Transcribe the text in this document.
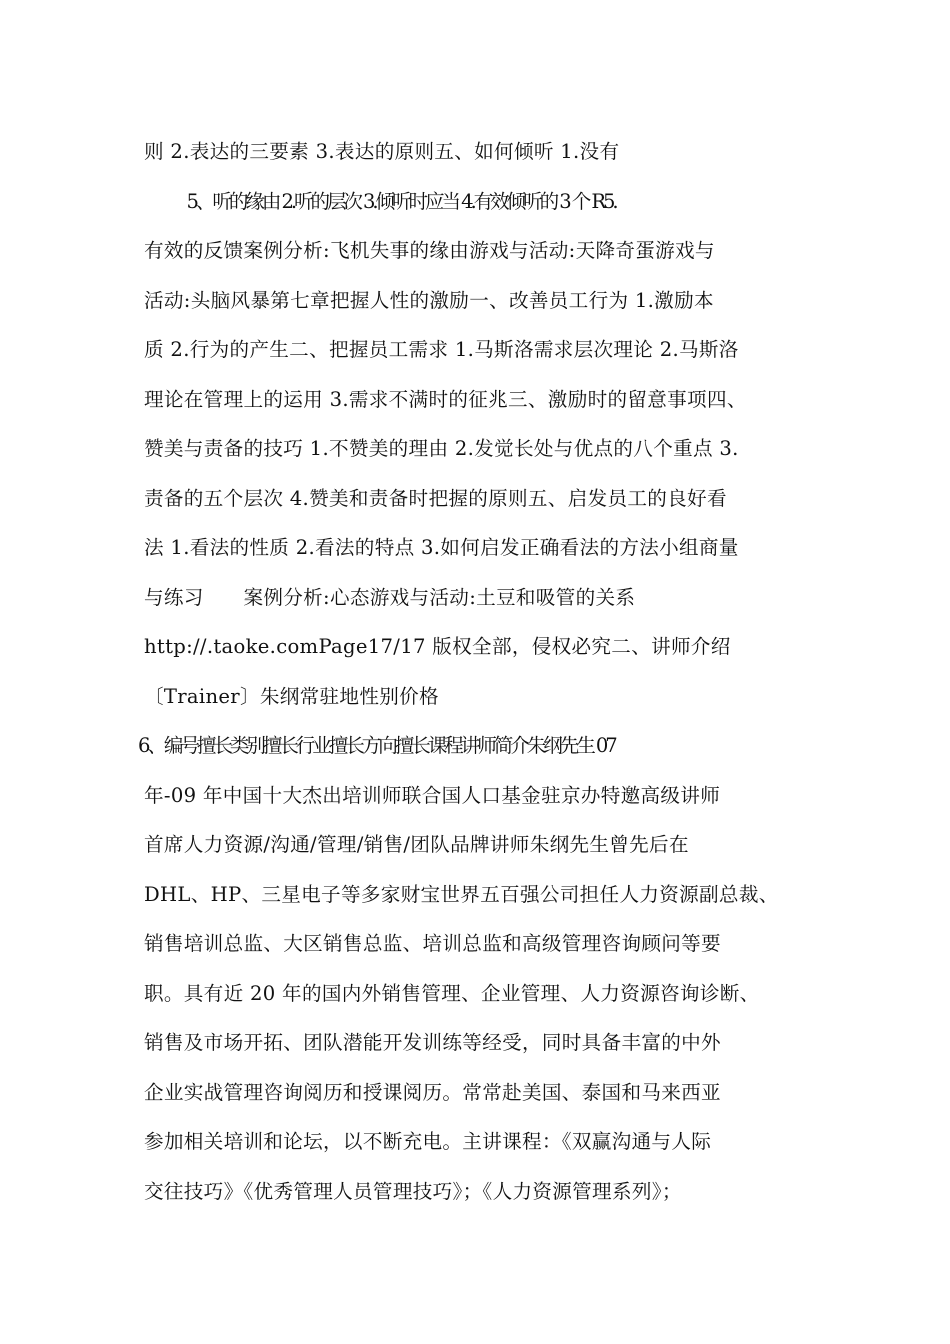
则 2.表达的三要素 3.表达的原则五、如何倾听 1.没有
　5、听的缘由 2.听的层次 3.倾听时应当 4.有效倾听的 3 个 R5.
有效的反馈案例分析:飞机失事的缘由游戏与活动:天降奇蛋游戏与
活动:头脑风暴第七章把握人性的激励一、改善员工行为 1.激励本
质 2.行为的产生二、把握员工需求 1.马斯洛需求层次理论 2.马斯洛
理论在管理上的运用 3.需求不满时的征兆三、激励时的留意事项四、
赞美与责备的技巧 1.不赞美的理由 2.发觉长处与优点的八个重点 3.
责备的五个层次 4.赞美和责备时把握的原则五、启发员工的良好看
法 1.看法的性质 2.看法的特点 3.如何启发正确看法的方法小组商量
与练习　　案例分析:心态游戏与活动:土豆和吸管的关系
http://.taoke.comPage17/17 版权全部，侵权必究二、讲师介绍
〔Trainer〕朱纲常驻地性别价格
6、编号擅长类别擅长行业擅长方向擅长课程讲师简介朱纲先生 07
年-09 年中国十大杰出培训师联合国人口基金驻京办特邀高级讲师
首席人力资源/沟通/管理/销售/团队品牌讲师朱纲先生曾先后在
DHL、HP、三星电子等多家财宝世界五百强公司担任人力资源副总裁、
销售培训总监、大区销售总监、培训总监和高级管理咨询顾问等要
职。具有近 20 年的国内外销售管理、企业管理、人力资源咨询诊断、
销售及市场开拓、团队潜能开发训练等经受，同时具备丰富的中外
企业实战管理咨询阅历和授课阅历。常常赴美国、泰国和马来西亚
参加相关培训和论坛，以不断充电。主讲课程：《双赢沟通与人际
交往技巧》《优秀管理人员管理技巧》；《人力资源管理系列》；
